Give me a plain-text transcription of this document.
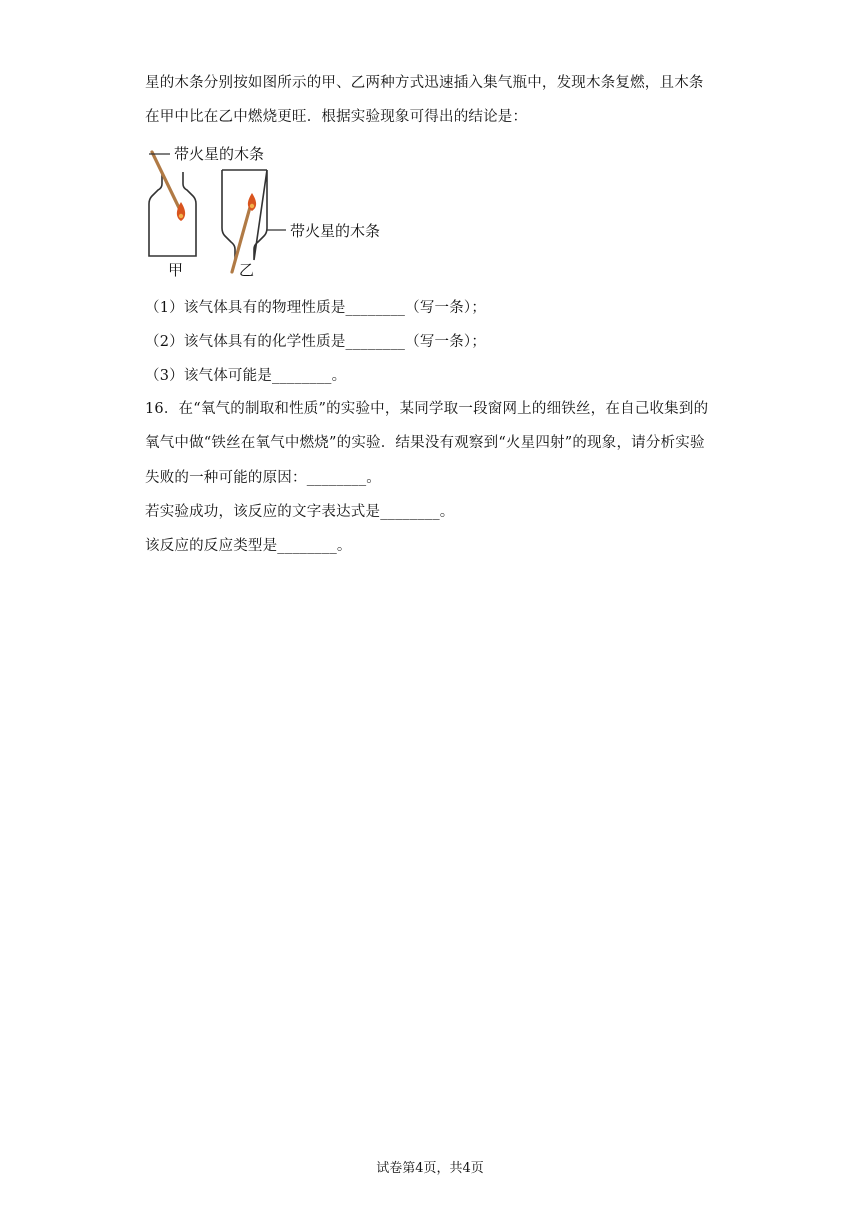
星的木条分别按如图所示的甲、乙两种方式迅速插入集气瓶中，发现木条复燃，且木条
在甲中比在乙中燃烧更旺．根据实验现象可得出的结论是：
带火星的木条
带火星的木条
甲	乙
（1）该气体具有的物理性质是________（写一条）；
（2）该气体具有的化学性质是________（写一条）；
（3）该气体可能是________。
16．在“氧气的制取和性质”的实验中，某同学取一段窗网上的细铁丝，在自己收集到的
氧气中做“铁丝在氧气中燃烧”的实验．结果没有观察到“火星四射”的现象，请分析实验
失败的一种可能的原因：________。
若实验成功，该反应的文字表达式是________。
该反应的反应类型是________。
试卷第4页，共4页
